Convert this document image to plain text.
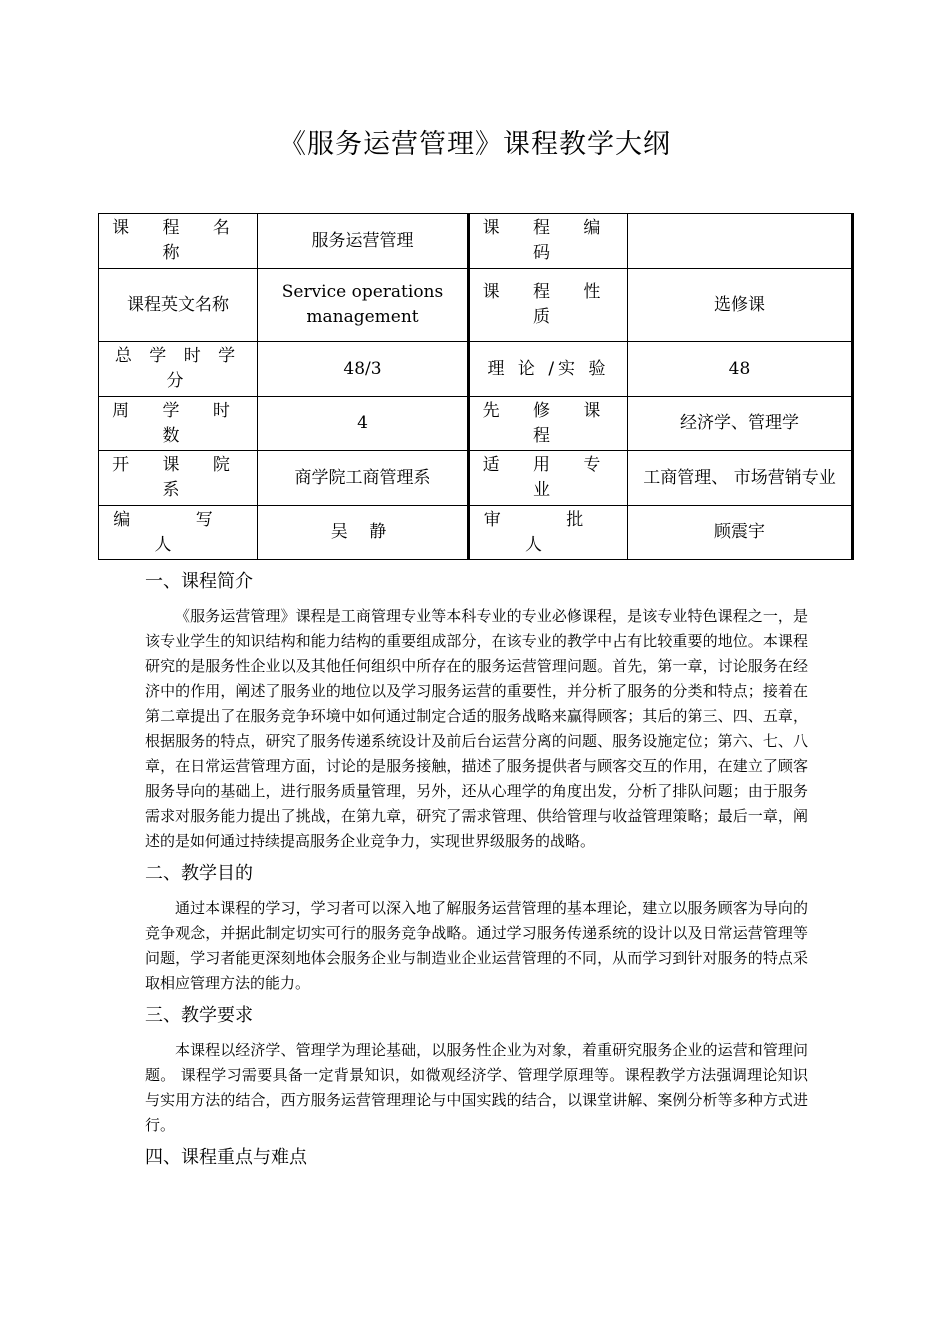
《服务运营管理》课程教学大纲
课 程 名 称	服务运营管理	课 程 编 码	
课程英文名称	Service operations management	课 程 性 质	选修课
总 学 时 学 分	48/3	理 论 /实 验	48
周 学 时 数	4	先 修 课 程	经济学、管理学
开 课 院 系	商学院工商管理系	适 用 专 业	工商管理、 市场营销专业
编 写 人	吴 静	审 批 人	顾震宇
一、课程简介
《服务运营管理》课程是工商管理专业等本科专业的专业必修课程，是该专业特色课程之一，是该专业学生的知识结构和能力结构的重要组成部分，在该专业的教学中占有比较重要的地位。本课程研究的是服务性企业以及其他任何组织中所存在的服务运营管理问题。首先，第一章，讨论服务在经济中的作用，阐述了服务业的地位以及学习服务运营的重要性，并分析了服务的分类和特点；接着在第二章提出了在服务竞争环境中如何通过制定合适的服务战略来赢得顾客；其后的第三、四、五章，根据服务的特点，研究了服务传递系统设计及前后台运营分离的问题、服务设施定位；第六、七、八章，在日常运营管理方面，讨论的是服务接触，描述了服务提供者与顾客交互的作用，在建立了顾客服务导向的基础上，进行服务质量管理，另外，还从心理学的角度出发，分析了排队问题；由于服务需求对服务能力提出了挑战，在第九章，研究了需求管理、供给管理与收益管理策略；最后一章，阐述的是如何通过持续提高服务企业竞争力，实现世界级服务的战略。
二、教学目的
通过本课程的学习，学习者可以深入地了解服务运营管理的基本理论，建立以服务顾客为导向的竞争观念，并据此制定切实可行的服务竞争战略。通过学习服务传递系统的设计以及日常运营管理等问题，学习者能更深刻地体会服务企业与制造业企业运营管理的不同，从而学习到针对服务的特点采取相应管理方法的能力。
三、教学要求
本课程以经济学、管理学为理论基础，以服务性企业为对象，着重研究服务企业的运营和管理问题。 课程学习需要具备一定背景知识，如微观经济学、管理学原理等。课程教学方法强调理论知识与实用方法的结合，西方服务运营管理理论与中国实践的结合，以课堂讲解、案例分析等多种方式进行。
四、课程重点与难点
